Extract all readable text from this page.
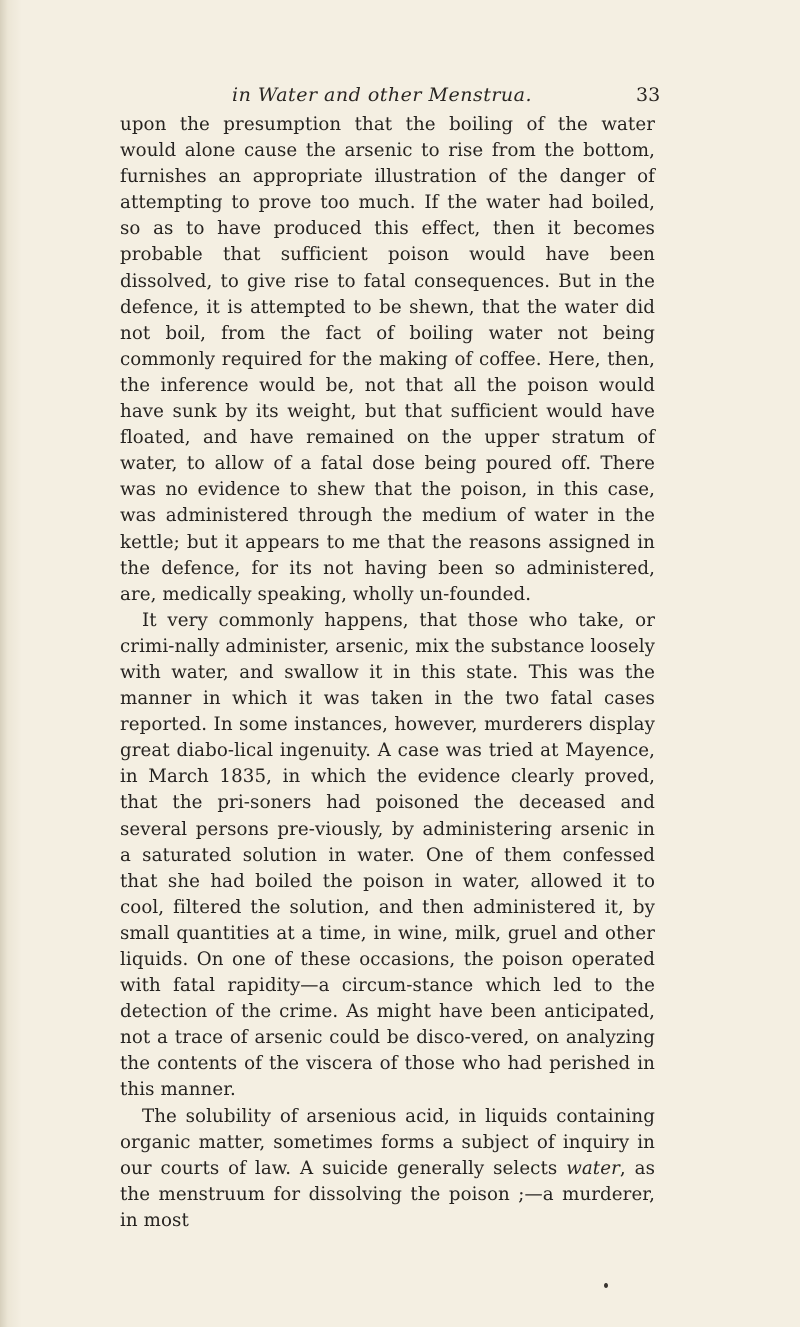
in Water and other Menstrua.	33

upon the presumption that the boiling of the water would alone cause the arsenic to rise from the bottom, furnishes an appropriate illustration of the danger of attempting to prove too much. If the water had boiled, so as to have produced this effect, then it becomes probable that sufficient poison would have been dissolved, to give rise to fatal consequences. But in the defence, it is attempted to be shewn, that the water did not boil, from the fact of boiling water not being commonly required for the making of coffee. Here, then, the inference would be, not that all the poison would have sunk by its weight, but that sufficient would have floated, and have remained on the upper stratum of water, to allow of a fatal dose being poured off. There was no evidence to shew that the poison, in this case, was administered through the medium of water in the kettle; but it appears to me that the reasons assigned in the defence, for its not having been so administered, are, medically speaking, wholly un-founded.

It very commonly happens, that those who take, or crimi-nally administer, arsenic, mix the substance loosely with water, and swallow it in this state. This was the manner in which it was taken in the two fatal cases reported. In some instances, however, murderers display great diabo-lical ingenuity. A case was tried at Mayence, in March 1835, in which the evidence clearly proved, that the pri-soners had poisoned the deceased and several persons pre-viously, by administering arsenic in a saturated solution in water. One of them confessed that she had boiled the poison in water, allowed it to cool, filtered the solution, and then administered it, by small quantities at a time, in wine, milk, gruel and other liquids. On one of these occasions, the poison operated with fatal rapidity—a circum-stance which led to the detection of the crime. As might have been anticipated, not a trace of arsenic could be disco-vered, on analyzing the contents of the viscera of those who had perished in this manner.

The solubility of arsenious acid, in liquids containing organic matter, sometimes forms a subject of inquiry in our courts of law. A suicide generally selects water, as the menstruum for dissolving the poison ;—a murderer, in most
